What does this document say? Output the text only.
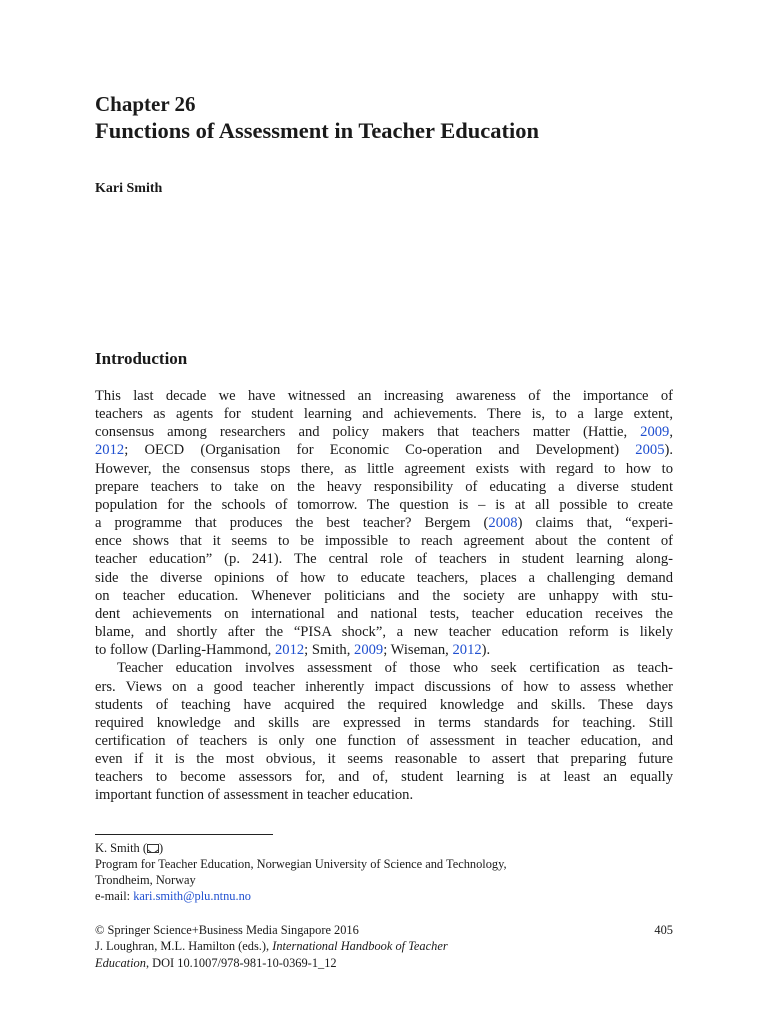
Chapter 26
Functions of Assessment in Teacher Education
Kari Smith
Introduction
This last decade we have witnessed an increasing awareness of the importance of
teachers as agents for student learning and achievements. There is, to a large extent,
consensus among researchers and policy makers that teachers matter (Hattie, 2009,
2012; OECD (Organisation for Economic Co-operation and Development) 2005).
However, the consensus stops there, as little agreement exists with regard to how to
prepare teachers to take on the heavy responsibility of educating a diverse student
population for the schools of tomorrow. The question is – is at all possible to create
a programme that produces the best teacher? Bergem (2008) claims that, “experi-
ence shows that it seems to be impossible to reach agreement about the content of
teacher education” (p. 241). The central role of teachers in student learning along-
side the diverse opinions of how to educate teachers, places a challenging demand
on teacher education. Whenever politicians and the society are unhappy with stu-
dent achievements on international and national tests, teacher education receives the
blame, and shortly after the “PISA shock”, a new teacher education reform is likely
to follow (Darling-Hammond, 2012; Smith, 2009; Wiseman, 2012).
Teacher education involves assessment of those who seek certification as teach-
ers. Views on a good teacher inherently impact discussions of how to assess whether
students of teaching have acquired the required knowledge and skills. These days
required knowledge and skills are expressed in terms standards for teaching. Still
certification of teachers is only one function of assessment in teacher education, and
even if it is the most obvious, it seems reasonable to assert that preparing future
teachers to become assessors for, and of, student learning is at least an equally
important function of assessment in teacher education.
K. Smith ( )
Program for Teacher Education, Norwegian University of Science and Technology,
Trondheim, Norway
e-mail: kari.smith@plu.ntnu.no
© Springer Science+Business Media Singapore 2016
J. Loughran, M.L. Hamilton (eds.), International Handbook of Teacher
Education, DOI 10.1007/978-981-10-0369-1_12
405
